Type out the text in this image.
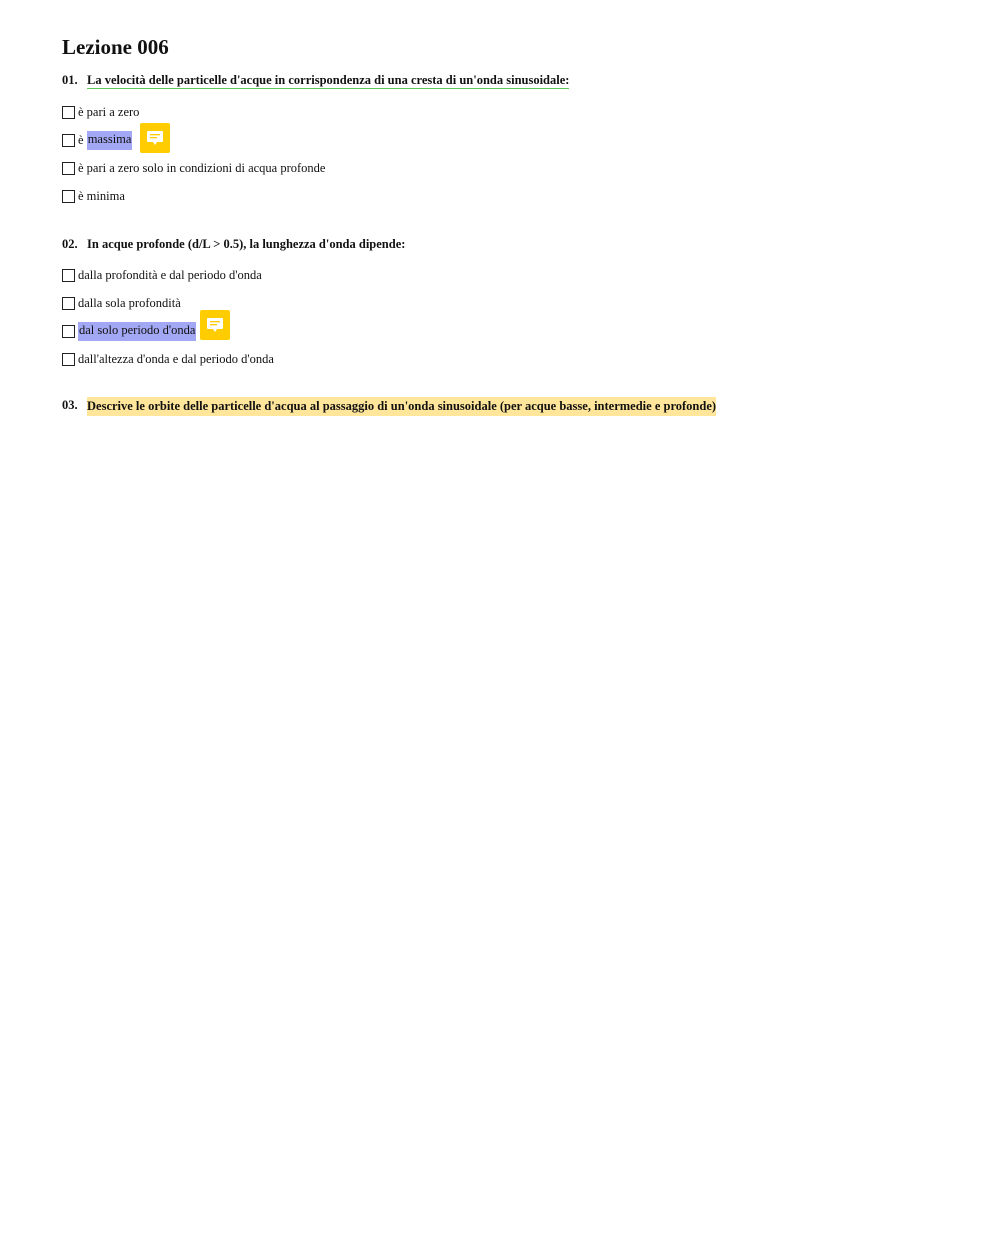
Lezione 006
01. La velocità delle particelle d'acque in corrispondenza di una cresta di un'onda sinusoidale:
è pari a zero
è massima
è pari a zero solo in condizioni di acqua profonde
è minima
02. In acque profonde (d/L > 0.5), la lunghezza d'onda dipende:
dalla profondità e dal periodo d'onda
dalla sola profondità
dal solo periodo d'onda
dall'altezza d'onda e dal periodo d'onda
03. Descrive le orbite delle particelle d'acqua al passaggio di un'onda sinusoidale (per acque basse, intermedie e profonde)
